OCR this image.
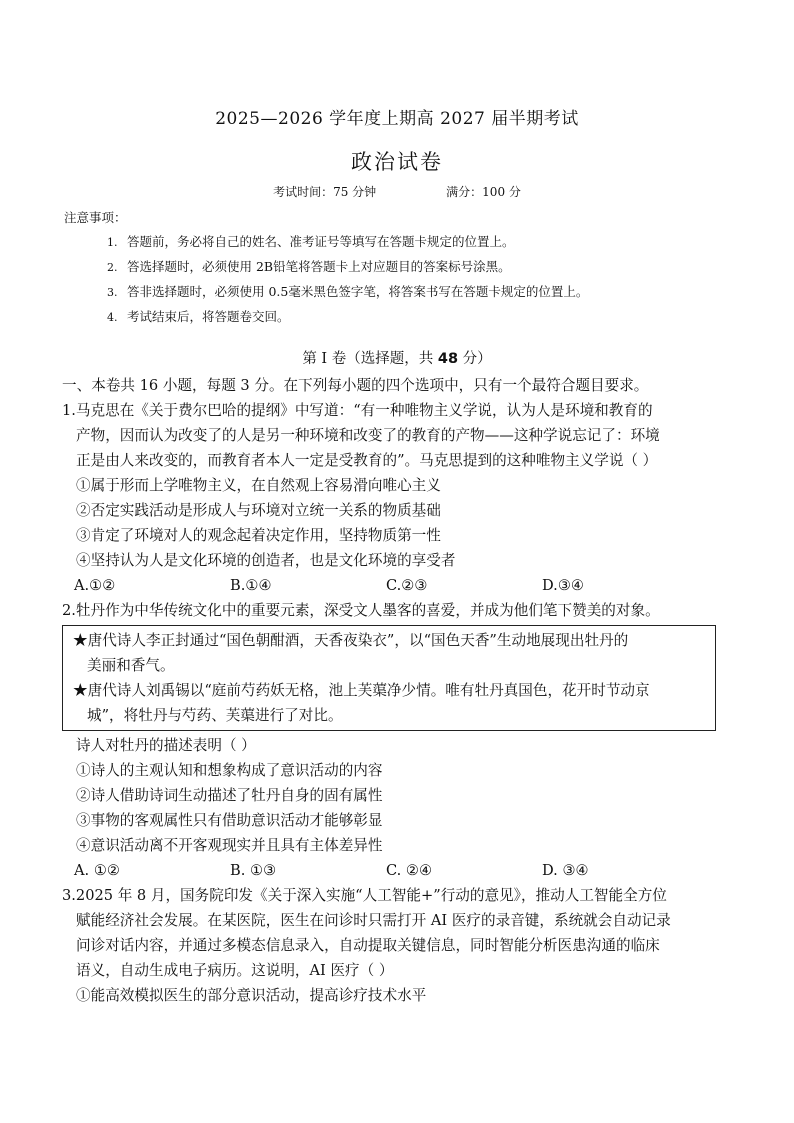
2025—2026 学年度上期高 2027 届半期考试
政治试卷
考试时间：75 分钟	满分：100 分
注意事项：
1. 答题前，务必将自己的姓名、准考证号等填写在答题卡规定的位置上。
2. 答选择题时，必须使用 2B铅笔将答题卡上对应题目的答案标号涂黑。
3. 答非选择题时，必须使用 0.5毫米黑色签字笔，将答案书写在答题卡规定的位置上。
4. 考试结束后，将答题卷交回。
第 I 卷（选择题，共 48 分）
一、本卷共 16 小题，每题 3 分。在下列每小题的四个选项中，只有一个最符合题目要求。
1.马克思在《关于费尔巴哈的提纲》中写道：“有一种唯物主义学说，认为人是环境和教育的
产物，因而认为改变了的人是另一种环境和改变了的教育的产物——这种学说忘记了：环境
正是由人来改变的，而教育者本人一定是受教育的”。马克思提到的这种唯物主义学说（ ）
①属于形而上学唯物主义，在自然观上容易滑向唯心主义
②否定实践活动是形成人与环境对立统一关系的物质基础
③肯定了环境对人的观念起着决定作用，坚持物质第一性
④坚持认为人是文化环境的创造者，也是文化环境的享受者
A.①②	B.①④	C.②③	D.③④
2.牡丹作为中华传统文化中的重要元素，深受文人墨客的喜爱，并成为他们笔下赞美的对象。
★唐代诗人李正封通过“国色朝酣酒，天香夜染衣”，以“国色天香”生动地展现出牡丹的
美丽和香气。
★唐代诗人刘禹锡以“庭前芍药妖无格，池上芙蕖净少情。唯有牡丹真国色，花开时节动京
城”，将牡丹与芍药、芙蕖进行了对比。
诗人对牡丹的描述表明（ ）
①诗人的主观认知和想象构成了意识活动的内容
②诗人借助诗词生动描述了牡丹自身的固有属性
③事物的客观属性只有借助意识活动才能够彰显
④意识活动离不开客观现实并且具有主体差异性
A. ①②	B. ①③	C. ②④	D. ③④
3.2025 年 8 月，国务院印发《关于深入实施“人工智能+”行动的意见》，推动人工智能全方位
赋能经济社会发展。在某医院，医生在问诊时只需打开 AI 医疗的录音键，系统就会自动记录
问诊对话内容，并通过多模态信息录入，自动提取关键信息，同时智能分析医患沟通的临床
语义，自动生成电子病历。这说明，AI 医疗（ ）
①能高效模拟医生的部分意识活动，提高诊疗技术水平
